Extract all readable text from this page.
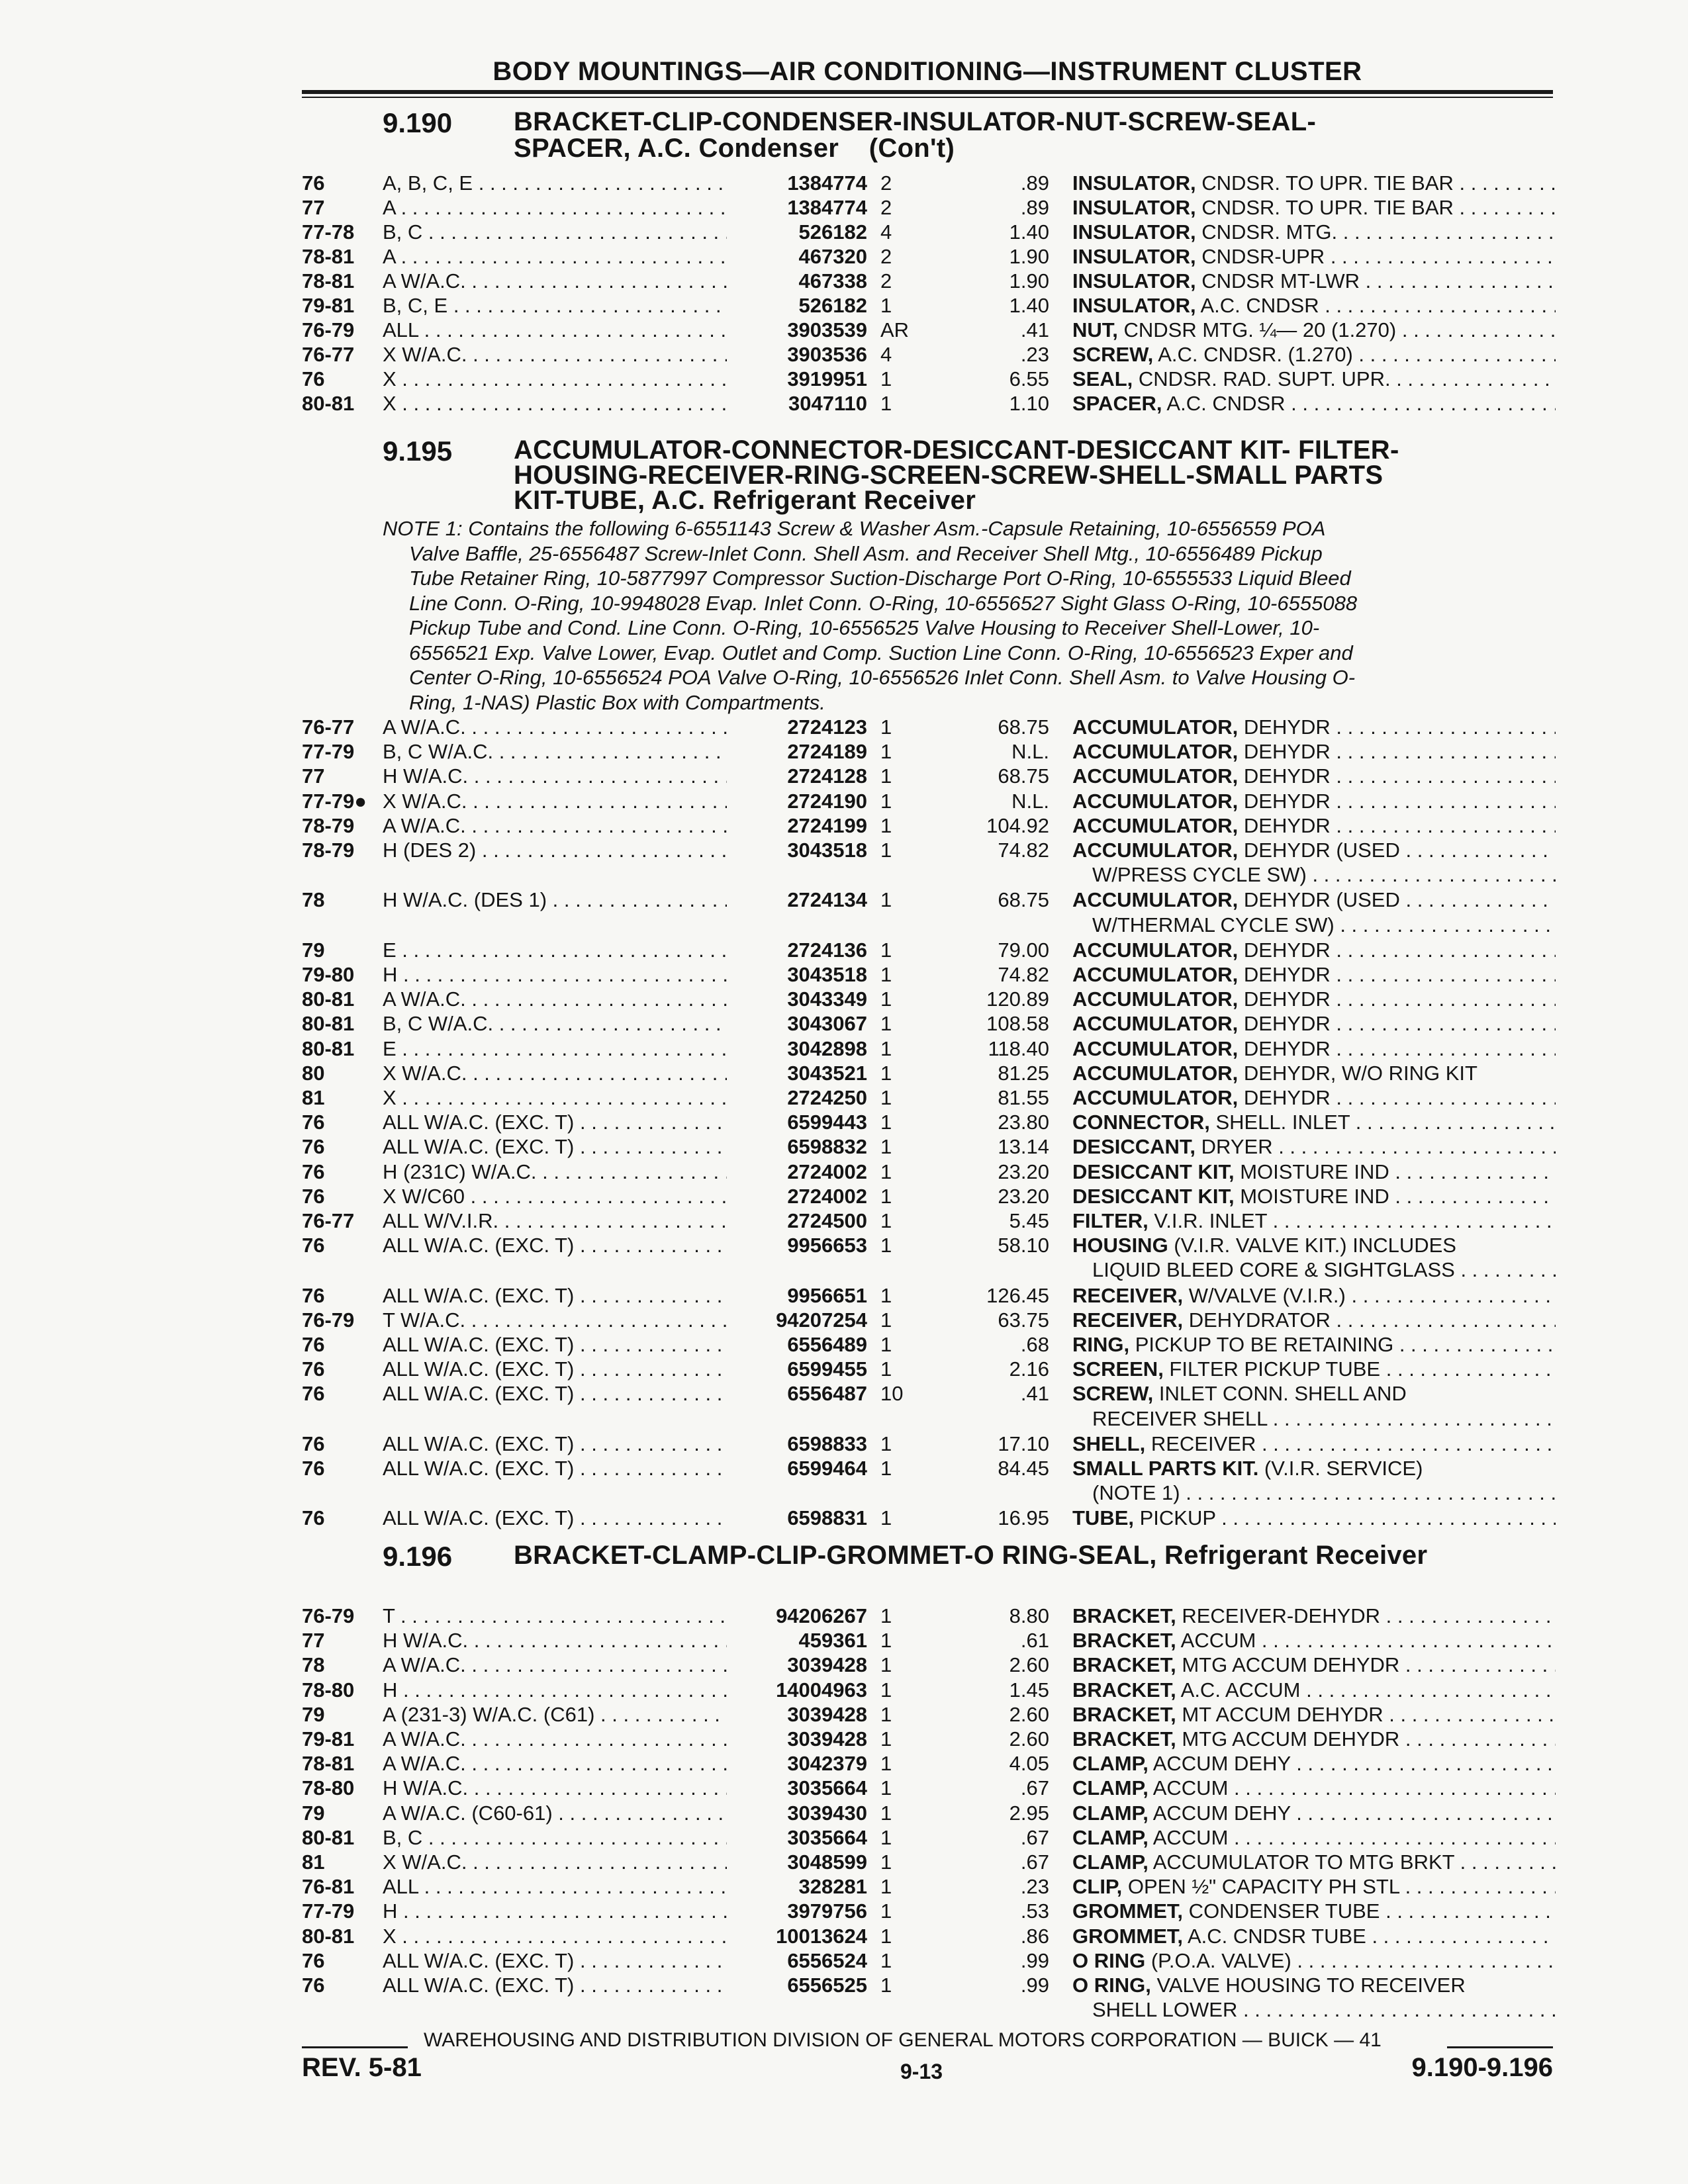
BODY MOUNTINGS—AIR CONDITIONING—INSTRUMENT CLUSTER
9.190 BRACKET-CLIP-CONDENSER-INSULATOR-NUT-SCREW-SEAL-
SPACER, A.C. Condenser    (Con't)
76	A, B, C, E . . .	1384774 2	.89 INSULATOR, CNDSR. TO UPR. TIE BAR . . .
77	A . . .	1384774 2	.89 INSULATOR, CNDSR. TO UPR. TIE BAR . . .
77-78 B, C . . .	526182 4	1.40 INSULATOR, CNDSR. MTG. . . .
78-81 A . . .	467320 2	1.90 INSULATOR, CNDSR-UPR . . .
78-81 A W/A.C. . . .	467338 2	1.90 INSULATOR, CNDSR MT-LWR . . .
79-81 B, C, E . . .	526182 1	1.40 INSULATOR, A.C. CNDSR . . .
76-79 ALL . . .	3903539 AR	.41 NUT, CNDSR MTG. ¼— 20 (1.270) . . .
76-77 X W/A.C. . . .	3903536 4	.23 SCREW, A.C. CNDSR. (1.270) . . .
76	X . . .	3919951 1	6.55 SEAL, CNDSR. RAD. SUPT. UPR. . . .
80-81 X . . .	3047110 1	1.10 SPACER, A.C. CNDSR . . .
9.195 ACCUMULATOR-CONNECTOR-DESICCANT-DESICCANT KIT- FILTER-
HOUSING-RECEIVER-RING-SCREEN-SCREW-SHELL-SMALL PARTS
KIT-TUBE, A.C. Refrigerant Receiver
NOTE 1: Contains the following 6-6551143 Screw & Washer Asm.-Capsule Retaining, 10-6556559 POA
Valve Baffle, 25-6556487 Screw-Inlet Conn. Shell Asm. and Receiver Shell Mtg., 10-6556489 Pickup
Tube Retainer Ring, 10-5877997 Compressor Suction-Discharge Port O-Ring, 10-6555533 Liquid Bleed
Line Conn. O-Ring, 10-9948028 Evap. Inlet Conn. O-Ring, 10-6556527 Sight Glass O-Ring, 10-6555088
Pickup Tube and Cond. Line Conn. O-Ring, 10-6556525 Valve Housing to Receiver Shell-Lower, 10-
6556521 Exp. Valve Lower, Evap. Outlet and Comp. Suction Line Conn. O-Ring, 10-6556523 Exper and
Center O-Ring, 10-6556524 POA Valve O-Ring, 10-6556526 Inlet Conn. Shell Asm. to Valve Housing O-
Ring, 1-NAS) Plastic Box with Compartments.
76-77 A W/A.C. . . .	2724123 1	68.75 ACCUMULATOR, DEHYDR . . .
77-79 B, C W/A.C. . . .	2724189 1	N.L. ACCUMULATOR, DEHYDR . . .
77	H W/A.C. . . .	2724128 1	68.75 ACCUMULATOR, DEHYDR . . .
77-79● X W/A.C. . . .	2724190 1	N.L. ACCUMULATOR, DEHYDR . . .
78-79 A W/A.C. . . .	2724199 1	104.92 ACCUMULATOR, DEHYDR . . .
78-79 H (DES 2) . . .	3043518 1	74.82 ACCUMULATOR, DEHYDR (USED . . .
W/PRESS CYCLE SW) . . .
78	H W/A.C. (DES 1) . . .	2724134 1	68.75 ACCUMULATOR, DEHYDR (USED . . .
W/THERMAL CYCLE SW) . . .
79	E . . .	2724136 1	79.00 ACCUMULATOR, DEHYDR . . .
79-80 H . . .	3043518 1	74.82 ACCUMULATOR, DEHYDR . . .
80-81 A W/A.C. . . .	3043349 1	120.89 ACCUMULATOR, DEHYDR . . .
80-81 B, C W/A.C. . . .	3043067 1	108.58 ACCUMULATOR, DEHYDR . . .
80-81 E . . .	3042898 1	118.40 ACCUMULATOR, DEHYDR . . .
80	X W/A.C. . . .	3043521 1	81.25 ACCUMULATOR, DEHYDR, W/O RING KIT
81	X . . .	2724250 1	81.55 ACCUMULATOR, DEHYDR . . .
76	ALL W/A.C. (EXC. T) . . .	6599443 1	23.80 CONNECTOR, SHELL. INLET . . .
76	ALL W/A.C. (EXC. T) . . .	6598832 1	13.14 DESICCANT, DRYER . . .
76	H (231C) W/A.C. . . .	2724002 1	23.20 DESICCANT KIT, MOISTURE IND . . .
76	X W/C60 . . .	2724002 1	23.20 DESICCANT KIT, MOISTURE IND . . .
76-77 ALL W/V.I.R. . . .	2724500 1	5.45 FILTER, V.I.R. INLET . . .
76	ALL W/A.C. (EXC. T) . . .	9956653 1	58.10 HOUSING (V.I.R. VALVE KIT.) INCLUDES
LIQUID BLEED CORE & SIGHTGLASS . . .
76	ALL W/A.C. (EXC. T) . . .	9956651 1	126.45 RECEIVER, W/VALVE (V.I.R.) . . .
76-79 T W/A.C. . . .	94207254 1	63.75 RECEIVER, DEHYDRATOR . . .
76	ALL W/A.C. (EXC. T) . . .	6556489 1	.68 RING, PICKUP TO BE RETAINING . . .
76	ALL W/A.C. (EXC. T) . . .	6599455 1	2.16 SCREEN, FILTER PICKUP TUBE . . .
76	ALL W/A.C. (EXC. T) . . .	6556487 10	.41 SCREW, INLET CONN. SHELL AND
RECEIVER SHELL . . .
76	ALL W/A.C. (EXC. T) . . .	6598833 1	17.10 SHELL, RECEIVER . . .
76	ALL W/A.C. (EXC. T) . . .	6599464 1	84.45 SMALL PARTS KIT. (V.I.R. SERVICE)
(NOTE 1) . . .
76	ALL W/A.C. (EXC. T) . . .	6598831 1	16.95 TUBE, PICKUP . . .
9.196 BRACKET-CLAMP-CLIP-GROMMET-O RING-SEAL, Refrigerant Receiver
76-79 T . . .	94206267 1	8.80 BRACKET, RECEIVER-DEHYDR . . .
77	H W/A.C. . . .	459361 1	.61 BRACKET, ACCUM . . .
78	A W/A.C. . . .	3039428 1	2.60 BRACKET, MTG ACCUM DEHYDR . . .
78-80 H . . .	14004963 1	1.45 BRACKET, A.C. ACCUM . . .
79	A (231-3) W/A.C. (C61) . . .	3039428 1	2.60 BRACKET, MT ACCUM DEHYDR . . .
79-81 A W/A.C. . . .	3039428 1	2.60 BRACKET, MTG ACCUM DEHYDR . . .
78-81 A W/A.C. . . .	3042379 1	4.05 CLAMP, ACCUM DEHY . . .
78-80 H W/A.C. . . .	3035664 1	.67 CLAMP, ACCUM . . .
79	A W/A.C. (C60-61) . . .	3039430 1	2.95 CLAMP, ACCUM DEHY . . .
80-81 B, C . . .	3035664 1	.67 CLAMP, ACCUM . . .
81	X W/A.C. . . .	3048599 1	.67 CLAMP, ACCUMULATOR TO MTG BRKT . . .
76-81 ALL . . .	328281 1	.23 CLIP, OPEN ½" CAPACITY PH STL . . .
77-79 H . . .	3979756 1	.53 GROMMET, CONDENSER TUBE . . .
80-81 X . . .	10013624 1	.86 GROMMET, A.C. CNDSR TUBE . . .
76	ALL W/A.C. (EXC. T) . . .	6556524 1	.99 O RING (P.O.A. VALVE) . . .
76	ALL W/A.C. (EXC. T) . . .	6556525 1	.99 O RING, VALVE HOUSING TO RECEIVER
SHELL LOWER . . .
WAREHOUSING AND DISTRIBUTION DIVISION OF GENERAL MOTORS CORPORATION — BUICK — 41
REV. 5-81	9-13	9.190-9.196
